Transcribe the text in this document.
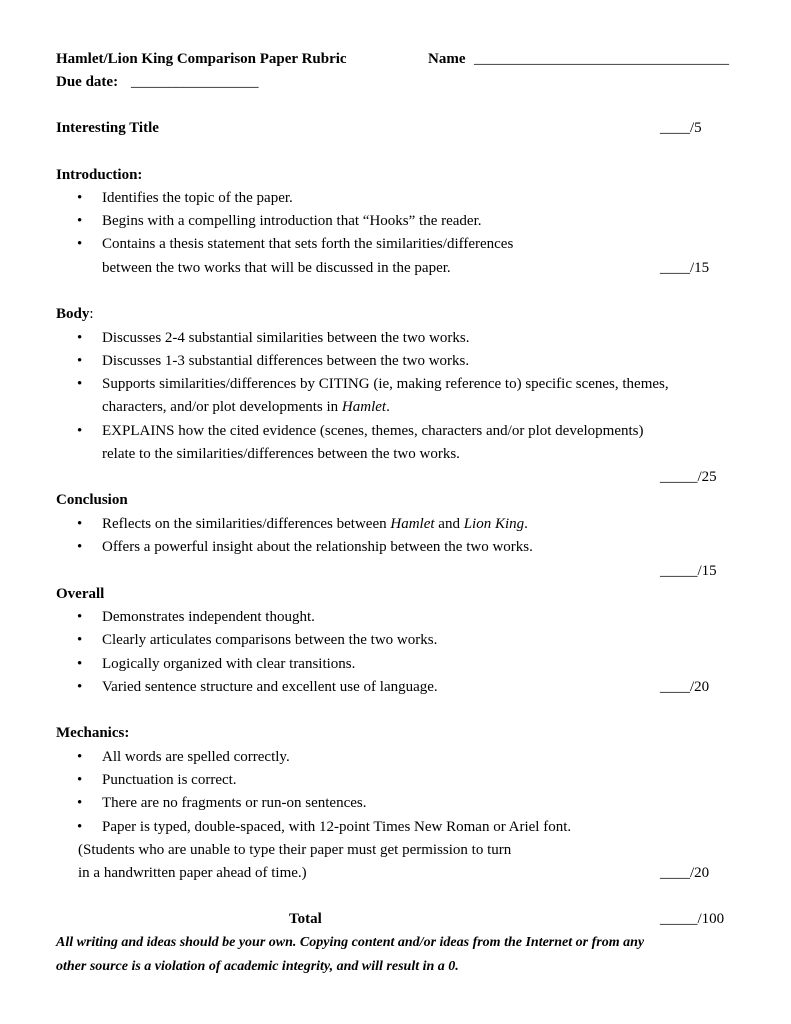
Hamlet/Lion King Comparison Paper Rubric	Name __________________________________
Due date: _________________
Interesting Title	____/5
Introduction:
• Identifies the topic of the paper.
• Begins with a compelling introduction that “Hooks” the reader.
• Contains a thesis statement that sets forth the similarities/differences
between the two works that will be discussed in the paper.	____/15
Body:
• Discusses 2-4 substantial similarities between the two works.
• Discusses 1-3 substantial differences between the two works.
• Supports similarities/differences by CITING (ie, making reference to) specific scenes, themes,
characters, and/or plot developments in Hamlet.
• EXPLAINS how the cited evidence (scenes, themes, characters and/or plot developments)
relate to the similarities/differences between the two works.
_____/25
Conclusion
• Reflects on the similarities/differences between Hamlet and Lion King.
• Offers a powerful insight about the relationship between the two works.
_____/15
Overall
• Demonstrates independent thought.
• Clearly articulates comparisons between the two works.
• Logically organized with clear transitions.
• Varied sentence structure and excellent use of language.	____/20
Mechanics:
• All words are spelled correctly.
• Punctuation is correct.
• There are no fragments or run-on sentences.
• Paper is typed, double-spaced, with 12-point Times New Roman or Ariel font.
(Students who are unable to type their paper must get permission to turn
in a handwritten paper ahead of time.)	____/20
Total	_____/100
All writing and ideas should be your own. Copying content and/or ideas from the Internet or from any
other source is a violation of academic integrity, and will result in a 0.
